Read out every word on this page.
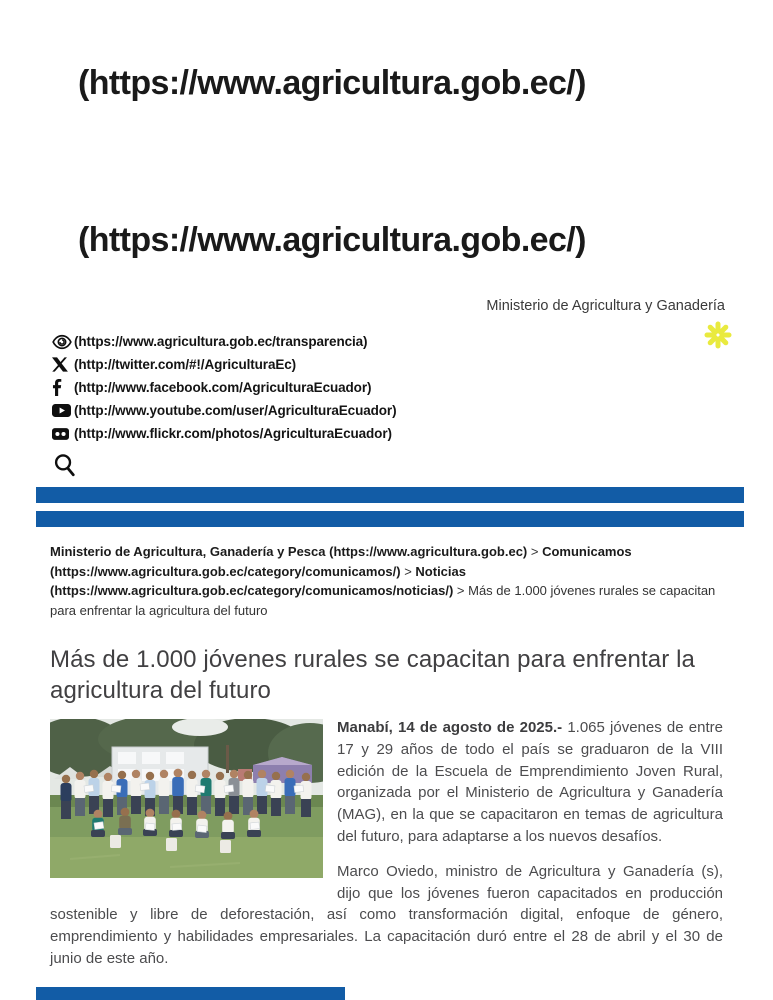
(https://www.agricultura.gob.ec/)
(https://www.agricultura.gob.ec/)
Ministerio de Agricultura y Ganadería
(https://www.agricultura.gob.ec/transparencia)
(http://twitter.com/#!/AgriculturaEc)
(http://www.facebook.com/AgriculturaEcuador)
(http://www.youtube.com/user/AgriculturaEcuador)
(http://www.flickr.com/photos/AgriculturaEcuador)
Ministerio de Agricultura, Ganadería y Pesca (https://www.agricultura.gob.ec) > Comunicamos (https://www.agricultura.gob.ec/category/comunicamos/) > Noticias (https://www.agricultura.gob.ec/category/comunicamos/noticias/) > Más de 1.000 jóvenes rurales se capacitan para enfrentar la agricultura del futuro
Más de 1.000 jóvenes rurales se capacitan para enfrentar la agricultura del futuro

Manabí, 14 de agosto de 2025.- 1.065 jóvenes de entre 17 y 29 años de todo el país se graduaron de la VIII edición de la Escuela de Emprendimiento Joven Rural, organizada por el Ministerio de Agricultura y Ganadería (MAG), en la que se capacitaron en temas de agricultura del futuro, para adaptarse a los nuevos desafíos.

Marco Oviedo, ministro de Agricultura y Ganadería (s), dijo que los jóvenes fueron capacitados en producción sostenible y libre de deforestación, así como transformación digital, enfoque de género, emprendimiento y habilidades empresariales. La capacitación duró entre el 28 de abril y el 30 de junio de este año.
